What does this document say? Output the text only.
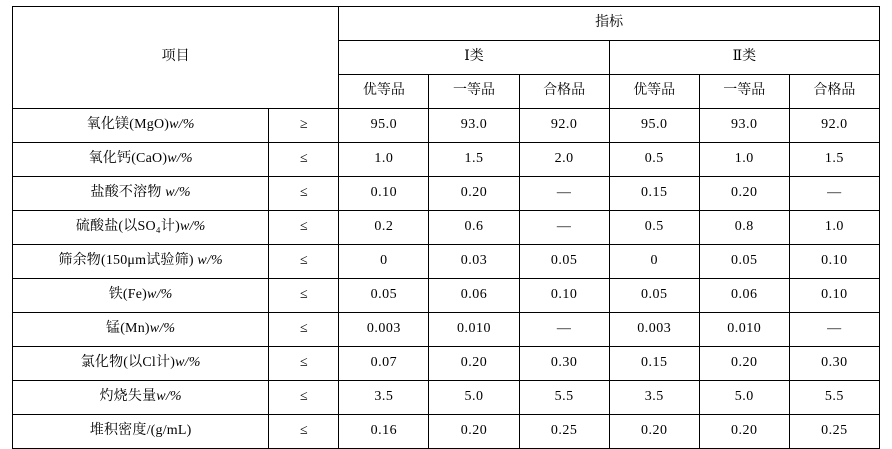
项目		指标					
		Ⅰ类			Ⅱ类		
		优等品	一等品	合格品	优等品	一等品	合格品
氧化镁(MgO)w/%	≥	95.0	93.0	92.0	95.0	93.0	92.0
氧化钙(CaO)w/%	≤	1.0	1.5	2.0	0.5	1.0	1.5
盐酸不溶物 w/%	≤	0.10	0.20	—	0.15	0.20	—
硫酸盐(以SO₄计)w/%	≤	0.2	0.6	—	0.5	0.8	1.0
筛余物(150μm试验筛) w/%	≤	0	0.03	0.05	0	0.05	0.10
铁(Fe)w/%	≤	0.05	0.06	0.10	0.05	0.06	0.10
锰(Mn)w/%	≤	0.003	0.010	—	0.003	0.010	—
氯化物(以Cl计)w/%	≤	0.07	0.20	0.30	0.15	0.20	0.30
灼烧失量w/%	≤	3.5	5.0	5.5	3.5	5.0	5.5
堆积密度/(g/mL)	≤	0.16	0.20	0.25	0.20	0.20	0.25
